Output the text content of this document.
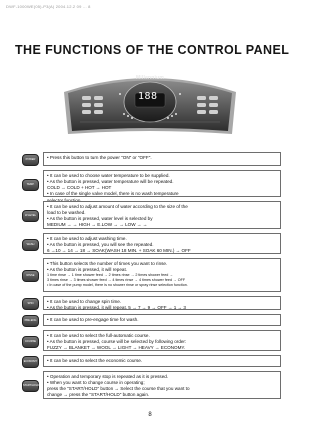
DWF-1000WE(05)-P3(A) 2004.12.2 09 ... 8
THE FUNCTIONS OF THE CONTROL PANEL
Millennium
188
POWER	• Press this button to turn the power "ON" or "OFF".
TEMP.
• It can be used to choose water temperature to be supplied.
• As the button is pressed, water temperature will be repeated.
COLD → COLD + HOT → HOT
• In case of the single valve model, there is no wash temperature
selector function.
W.LEVEL
• It can be used to adjust amount of water according to the size of the
load to be washed.
• As the button is pressed, water level is selected by
MEDIUM → → HIGH → E.LOW → → LOW → →
WASH
• It can be used to adjust washing time.
• As the button is pressed, you will see the repeated.
6 →10 → 14 → 18 → SOAK(WASH 18 MIN. + SOAK 60 MIN.) → OFF
RINSE
• This button selects the number of times you want to rinse.
• As the button is pressed, it will repeat.
1 time rinse → 1 time shower feed → 2 times rinse → 2 times shower feed →
3 times rinse → 3 times shower feed → 4 times rinse → 4 times shower feed → OFF
• In case of the pump model, there is no shower rinse or spray rinse selection function.
SPIN	• It can be used to change spin time.
• As the button is pressed, it will repeat. 5 → 7 → 9 → OFF → 1 → 3
PRE-ENG	• It can be used to pre-engage time for wash.
COURSE
• It can be used to select the full-automatic course.
• As the button is pressed, course will be selected by following order:
FUZZY → BLANKET → WOOL → LIGHT → HEAVY → ECONOMY.
ECONOMY	• It can be used to select the economic course.
START/HOLD
• Operation and temporary stop is repeated as it is pressed.
• When you want to change course in operating;
press the "START/HOLD" button → Select the course that you want to
change → press the "START/HOLD" button again.
8
